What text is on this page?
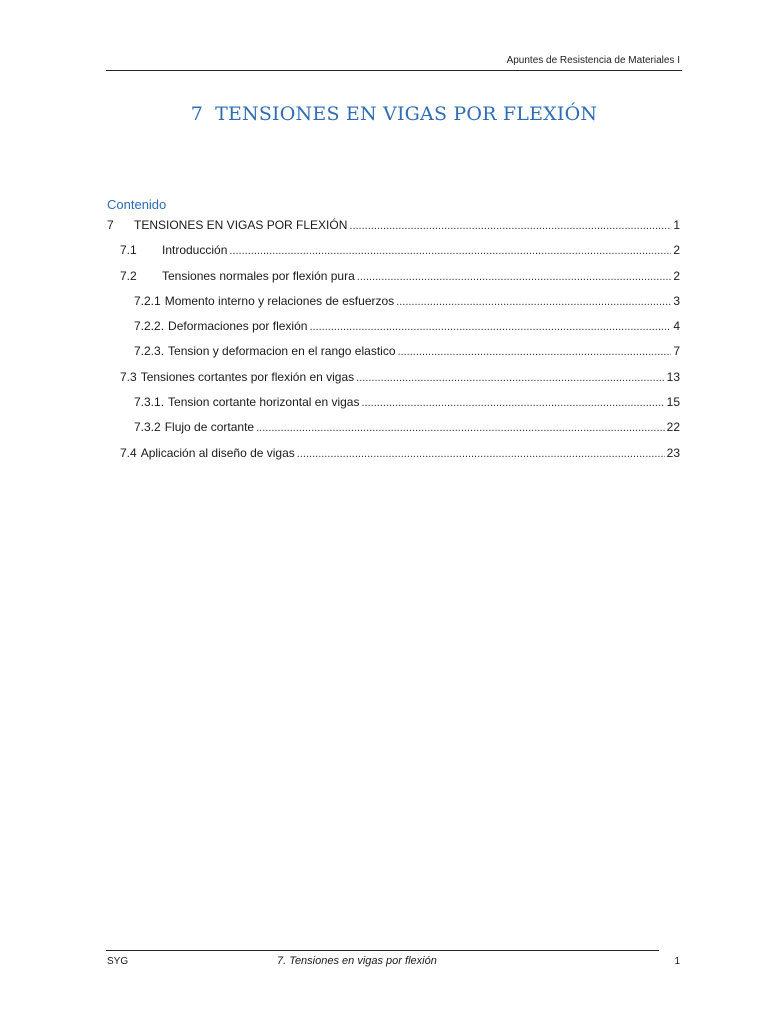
Apuntes de Resistencia de Materiales I
7 TENSIONES EN VIGAS POR FLEXIÓN
Contenido
7	TENSIONES EN VIGAS POR FLEXIÓN .....	1
7.1	Introducción .....	2
7.2	Tensiones normales por flexión pura .....	2
7.2.1 Momento interno y relaciones de esfuerzos .....	3
7.2.2. Deformaciones por flexión .....	4
7.2.3. Tension y deformacion en el rango elastico .....	7
7.3 Tensiones cortantes por flexión en vigas .....	13
7.3.1. Tension cortante horizontal en vigas .....	15
7.3.2 Flujo de cortante .....	22
7.4 Aplicación al diseño de vigas .....	23
SYG	7. Tensiones en vigas por flexión	1
